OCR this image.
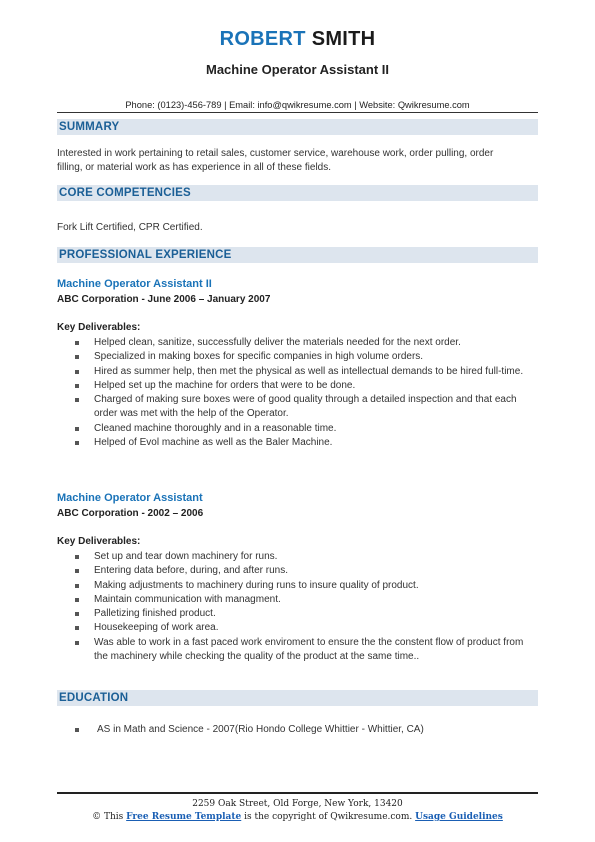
ROBERT SMITH
Machine Operator Assistant II
Phone: (0123)-456-789 | Email: info@qwikresume.com | Website: Qwikresume.com
SUMMARY
Interested in work pertaining to retail sales, customer service, warehouse work, order pulling, order
filling, or material work as has experience in all of these fields.
CORE COMPETENCIES
Fork Lift Certified, CPR Certified.
PROFESSIONAL EXPERIENCE
Machine Operator Assistant II
ABC Corporation - June 2006 – January 2007
Key Deliverables:
Helped clean, sanitize, successfully deliver the materials needed for the next order.
Specialized in making boxes for specific companies in high volume orders.
Hired as summer help, then met the physical as well as intellectual demands to be hired full-time.
Helped set up the machine for orders that were to be done.
Charged of making sure boxes were of good quality through a detailed inspection and that each order was met with the help of the Operator.
Cleaned machine thoroughly and in a reasonable time.
Helped of Evol machine as well as the Baler Machine.
Machine Operator Assistant
ABC Corporation - 2002 – 2006
Key Deliverables:
Set up and tear down machinery for runs.
Entering data before, during, and after runs.
Making adjustments to machinery during runs to insure quality of product.
Maintain communication with managment.
Palletizing finished product.
Housekeeping of work area.
Was able to work in a fast paced work enviroment to ensure the the constent flow of product from the machinery while checking the quality of the product at the same time..
EDUCATION
AS in Math and Science - 2007(Rio Hondo College Whittier - Whittier, CA)
2259 Oak Street, Old Forge, New York, 13420
© This Free Resume Template is the copyright of Qwikresume.com. Usage Guidelines
